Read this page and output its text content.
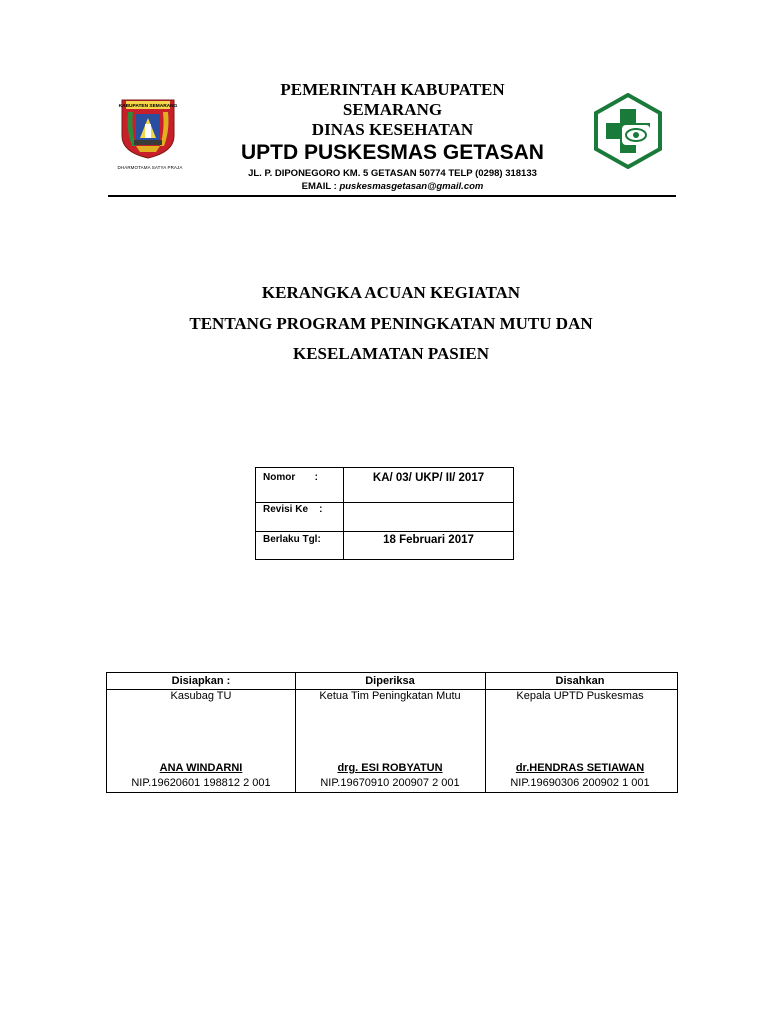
KABUPATEN SEMARANG
DHARMOTAMA SATYA PRAJA
PEMERINTAH KABUPATEN
SEMARANG
DINAS KESEHATAN
UPTD PUSKESMAS GETASAN
JL. P. DIPONEGORO KM. 5 GETASAN 50774 TELP (0298) 318133
EMAIL : puskesmasgetasan@gmail.com
KERANGKA ACUAN KEGIATAN
TENTANG PROGRAM PENINGKATAN MUTU DAN
KESELAMATAN PASIEN
Nomor       :	KA/ 03/ UKP/ II/ 2017
Revisi Ke    :
Berlaku Tgl:	18 Februari 2017
Disiapkan :	Diperiksa	Disahkan
Kasubag TU	Ketua Tim Peningkatan Mutu	Kepala UPTD Puskesmas
ANA WINDARNI	drg. ESI ROBYATUN	dr.HENDRAS SETIAWAN
NIP.19620601 198812 2 001	NIP.19670910 200907 2 001	NIP.19690306 200902 1 001
